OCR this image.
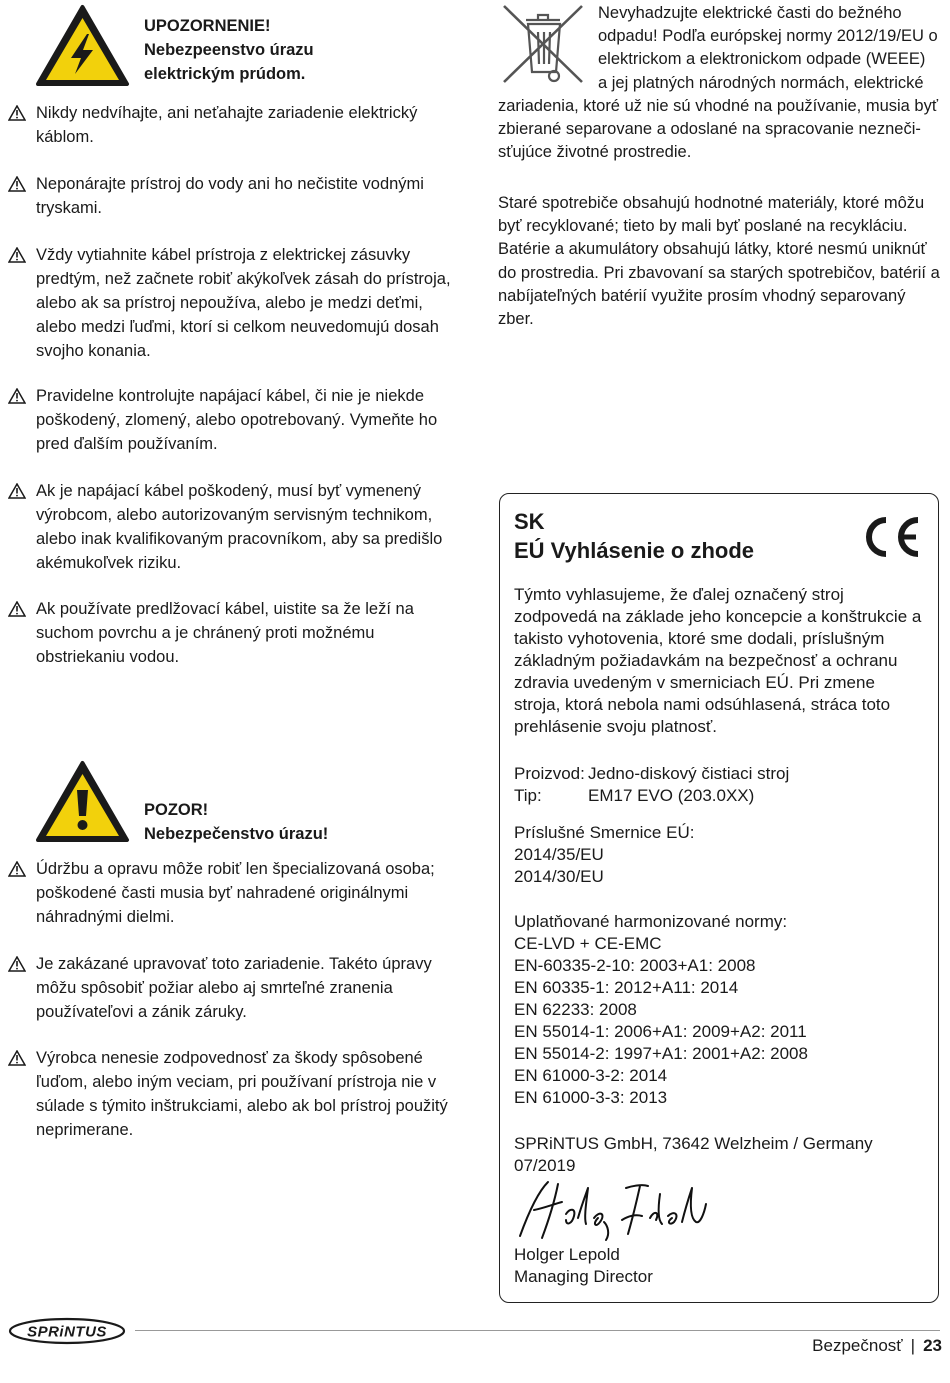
UPOZORNENIE!
Nebezpeenstvo úrazu
elektrickým prúdom.
Nikdy nedvíhajte, ani neťahajte zariadenie elektrický káblom.
Neponárajte prístroj do vody ani ho nečistite vodnými tryskami.
Vždy vytiahnite kábel prístroja z elektrickej zásuvky predtým, než začnete robiť akýkoľvek zásah do prístroja, alebo ak sa prístroj nepoužíva, alebo je medzi deťmi, alebo medzi ľuďmi, ktorí si celkom neuvedomujú dosah svojho konania.
Pravidelne kontrolujte napájací kábel, či nie je niekde poškodený, zlomený, alebo opotrebovaný. Vymeňte ho pred ďalším používaním.
Ak je napájací kábel poškodený, musí byť vymenený výrobcom, alebo autorizovaným servisným technikom, alebo inak kvalifikovaným pracovníkom, aby sa predišlo akémukoľvek riziku.
Ak používate predlžovací kábel, uistite sa že leží na suchom povrchu a je chránený proti možnému obstriekaniu vodou.
POZOR!
Nebezpečenstvo úrazu!
Údržbu a opravu môže robiť len špecializovaná osoba; poškodené časti musia byť nahradené originálnymi náhradnými dielmi.
Je zakázané upravovať toto zariadenie. Takéto úpravy môžu spôsobiť požiar alebo aj smrteľné zranenia používateľovi a zánik záruky.
Výrobca nenesie zodpovednosť za škody spôsobené ľuďom, alebo iným veciam, pri používaní prístroja nie v súlade s týmito inštrukciami, alebo ak bol prístroj použitý neprimerane.
Nevyhadzujte elektrické časti do bežného
odpadu! Podľa európskej normy 2012/19/EU o
elektrickom a elektronickom odpade (WEEE)
a jej platných národných normách, elektrické
zariadenia, ktoré už nie sú vhodné na používanie, musia byť zbierané separovane a odoslané na spracovanie neznečisťujúce životné prostredie.
Staré spotrebiče obsahujú hodnotné materiály, ktoré môžu byť recyklované; tieto by mali byť poslané na recykláciu. Batérie a akumulátory obsahujú látky, ktoré nesmú uniknúť do prostredia. Pri zbavovaní sa starých spotrebičov, batérií a nabíjateľných batérií využite prosím vhodný separovaný zber.
SK
EÚ Vyhlásenie o zhode
Týmto vyhlasujeme, že ďalej označený stroj zodpovedá na základe jeho koncepcie a konštrukcie a takisto vyhotovenia, ktoré sme dodali, príslušným základným požiadavkám na bezpečnosť a ochranu zdravia uvedeným v smerniciach EÚ. Pri zmene stroja, ktorá nebola nami odsúhlasená, stráca toto prehlásenie svoju platnosť.
Proizvod: Jedno-diskový čistiaci stroj
Tip:	EM17 EVO (203.0XX)
Príslušné Smernice EÚ:
2014/35/EU
2014/30/EU
Uplatňované harmonizované normy:
CE-LVD + CE-EMC
EN-60335-2-10: 2003+A1: 2008
EN 60335-1: 2012+A11: 2014
EN 62233: 2008
EN 55014-1: 2006+A1: 2009+A2: 2011
EN 55014-2: 1997+A1: 2001+A2: 2008
EN 61000-3-2: 2014
EN 61000-3-3: 2013
SPRiNTUS GmbH, 73642 Welzheim / Germany
07/2019
Holger Lepold
Managing Director
SPRiNTUS
Bezpečnosť | 23
